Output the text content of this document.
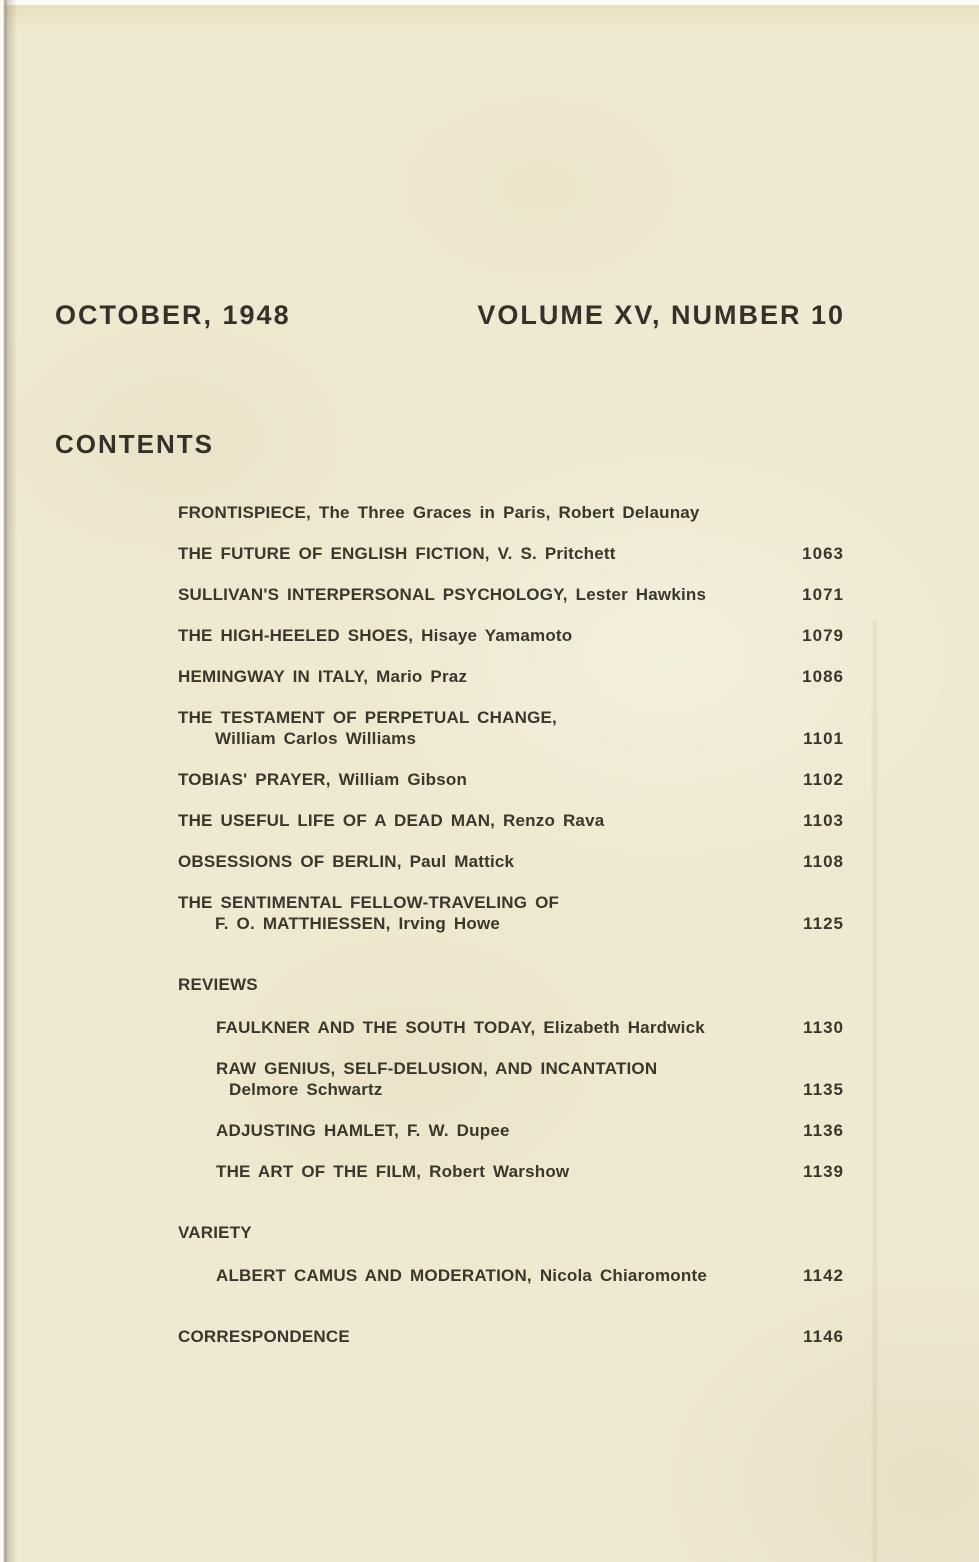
OCTOBER, 1948	VOLUME XV, NUMBER 10
CONTENTS
FRONTISPIECE, The Three Graces in Paris, Robert Delaunay
THE FUTURE OF ENGLISH FICTION, V. S. Pritchett	1063
SULLIVAN'S INTERPERSONAL PSYCHOLOGY, Lester Hawkins	1071
THE HIGH-HEELED SHOES, Hisaye Yamamoto	1079
HEMINGWAY IN ITALY, Mario Praz	1086
THE TESTAMENT OF PERPETUAL CHANGE,
William Carlos Williams	1101
TOBIAS' PRAYER, William Gibson	1102
THE USEFUL LIFE OF A DEAD MAN, Renzo Rava	1103
OBSESSIONS OF BERLIN, Paul Mattick	1108
THE SENTIMENTAL FELLOW-TRAVELING OF
F. O. MATTHIESSEN, Irving Howe	1125
REVIEWS
FAULKNER AND THE SOUTH TODAY, Elizabeth Hardwick	1130
RAW GENIUS, SELF-DELUSION, AND INCANTATION
Delmore Schwartz	1135
ADJUSTING HAMLET, F. W. Dupee	1136
THE ART OF THE FILM, Robert Warshow	1139
VARIETY
ALBERT CAMUS AND MODERATION, Nicola Chiaromonte	1142
CORRESPONDENCE	1146
